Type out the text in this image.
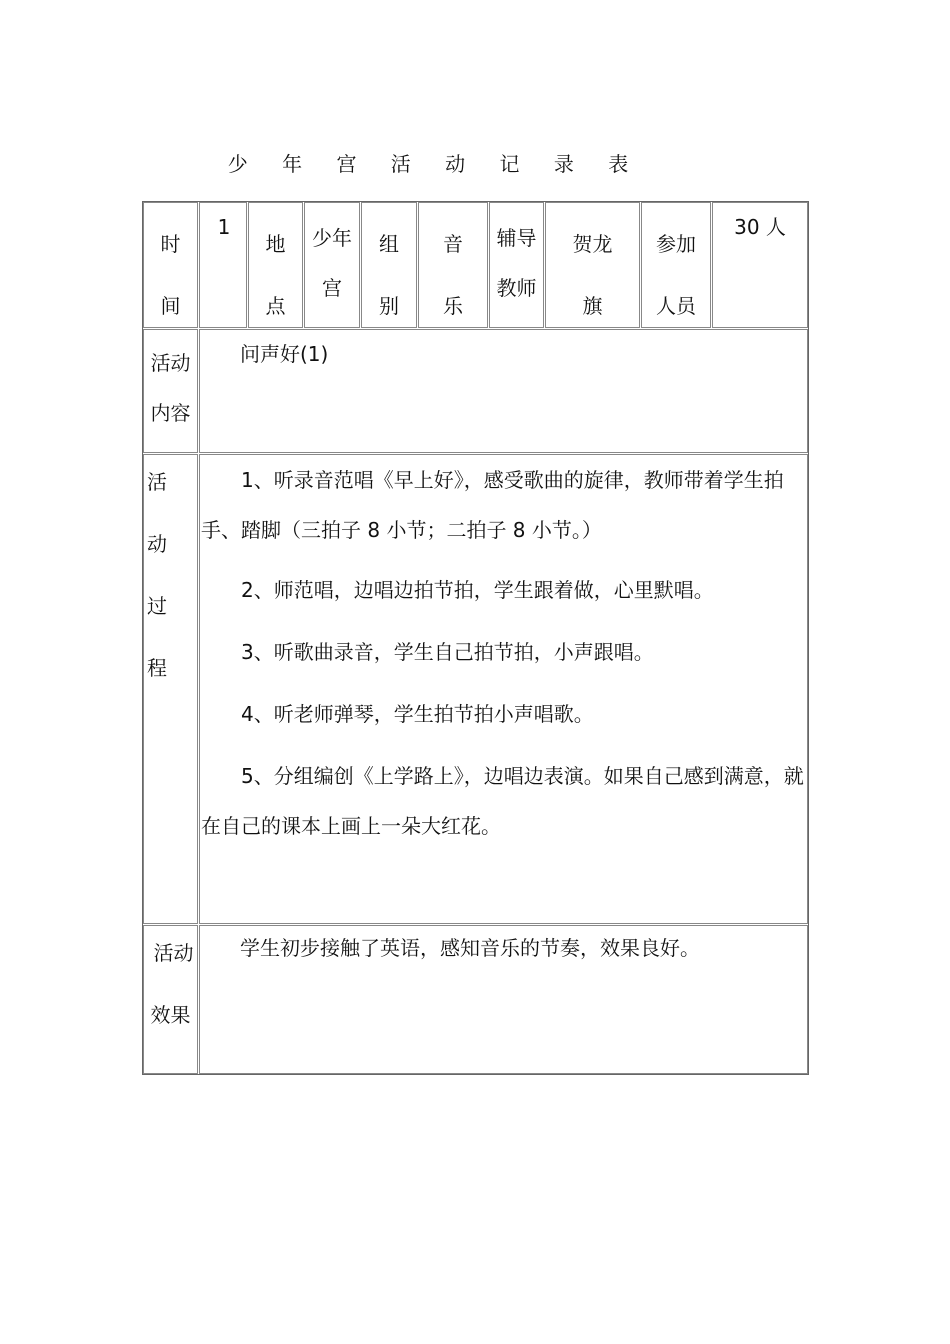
少 年 宫 活 动 记 录 表
时
间
1
地
点
少年
宫
组
别
音
乐
辅导
教师
贺龙
旗
参加
人员
30 人
活动
内容
问声好(1)
活
动
过
程
1、听录音范唱《早上好》，感受歌曲的旋律，教师带着学生拍手、踏脚（三拍子 8 小节；二拍子 8 小节。）
2、师范唱，边唱边拍节拍，学生跟着做，心里默唱。
3、听歌曲录音，学生自己拍节拍，小声跟唱。
4、听老师弹琴，学生拍节拍小声唱歌。
5、分组编创《上学路上》，边唱边表演。如果自己感到满意，就在自己的课本上画上一朵大红花。
活动
效果
学生初步接触了英语，感知音乐的节奏，效果良好。
